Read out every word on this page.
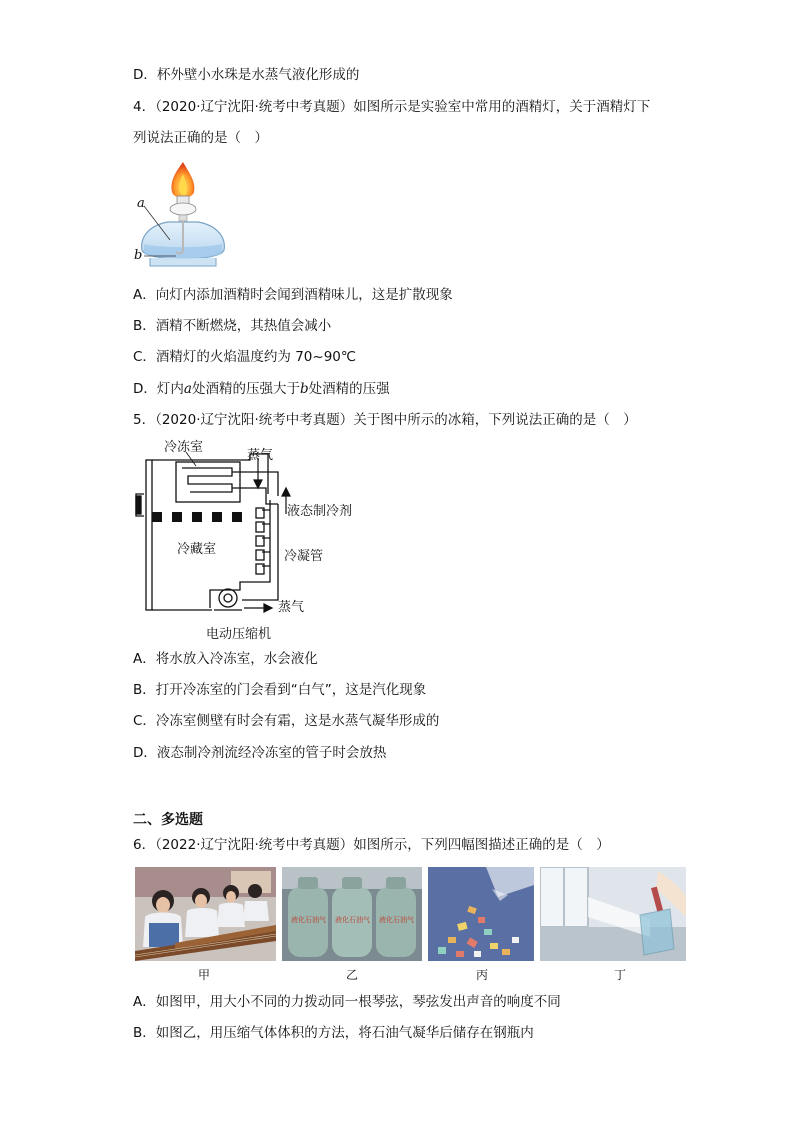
D．杯外壁小水珠是水蒸气液化形成的
4．（2020·辽宁沈阳·统考中考真题）如图所示是实验室中常用的酒精灯，关于酒精灯下
列说法正确的是（　）
a
b
A．向灯内添加酒精时会闻到酒精味儿，这是扩散现象
B．酒精不断燃烧，其热值会减小
C．酒精灯的火焰温度约为 70~90℃
D．灯内a处酒精的压强大于b处酒精的压强
5．（2020·辽宁沈阳·统考中考真题）关于图中所示的冰箱，下列说法正确的是（　）
冷冻室
蒸气
液态制冷剂
冷藏室	冷凝管
蒸气
电动压缩机
A．将水放入冷冻室，水会液化
B．打开冷冻室的门会看到“白气”，这是汽化现象
C．冷冻室侧壁有时会有霜，这是水蒸气凝华形成的
D．液态制冷剂流经冷冻室的管子时会放热
二、多选题
6．（2022·辽宁沈阳·统考中考真题）如图所示，下列四幅图描述正确的是（　）
液化石油气 液化石油气 液化石油气
甲	乙	丙	丁
A．如图甲，用大小不同的力拨动同一根琴弦，琴弦发出声音的响度不同
B．如图乙，用压缩气体体积的方法，将石油气凝华后储存在钢瓶内
